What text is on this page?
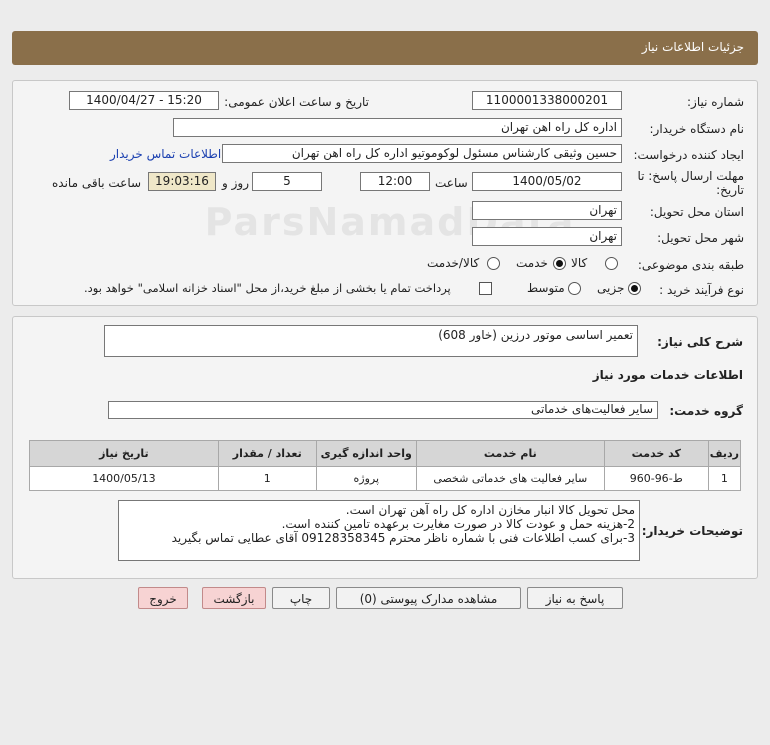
جزئیات اطلاعات نیاز
شماره نیاز:
1100001338000201
تاریخ و ساعت اعلان عمومی:
1400/04/27 - 15:20
نام دستگاه خریدار:
اداره کل راه اهن تهران
ایجاد کننده درخواست:
حسین وثیقی کارشناس مسئول لوکوموتیو اداره کل راه اهن تهران
اطلاعات تماس خریدار
مهلت ارسال پاسخ: تا
تاریخ:
1400/05/02
ساعت
12:00
5
روز و
19:03:16
ساعت باقی مانده
استان محل تحویل:
تهران
شهر محل تحویل:
تهران
طبقه بندی موضوعی:
کالا
خدمت
کالا/خدمت
نوع فرآیند خرید :
جزیی
متوسط
پرداخت تمام یا بخشی از مبلغ خرید،از محل "اسناد خزانه اسلامی" خواهد بود.
شرح کلی نیاز:
تعمیر اساسی موتور درزین (خاور 608)
اطلاعات خدمات مورد نیاز
گروه خدمت:
سایر فعالیت‌های خدماتی
ردیف	کد خدمت	نام خدمت	واحد اندازه گیری	تعداد / مقدار	تاریخ نیاز
1	ط-96-960	سایر فعالیت های خدماتی شخصی	پروژه	1	1400/05/13
توضیحات خریدار:
محل تحویل کالا انبار مخازن اداره کل راه آهن تهران است.
2-هزینه حمل و عودت کالا در صورت مغایرت برعهده تامین کننده است.
3-برای کسب اطلاعات فنی با شماره ناظر محترم 09128358345 آقای عطایی تماس بگیرید
پاسخ به نیاز
مشاهده مدارک پیوستی (0)
چاپ
بازگشت
خروج
